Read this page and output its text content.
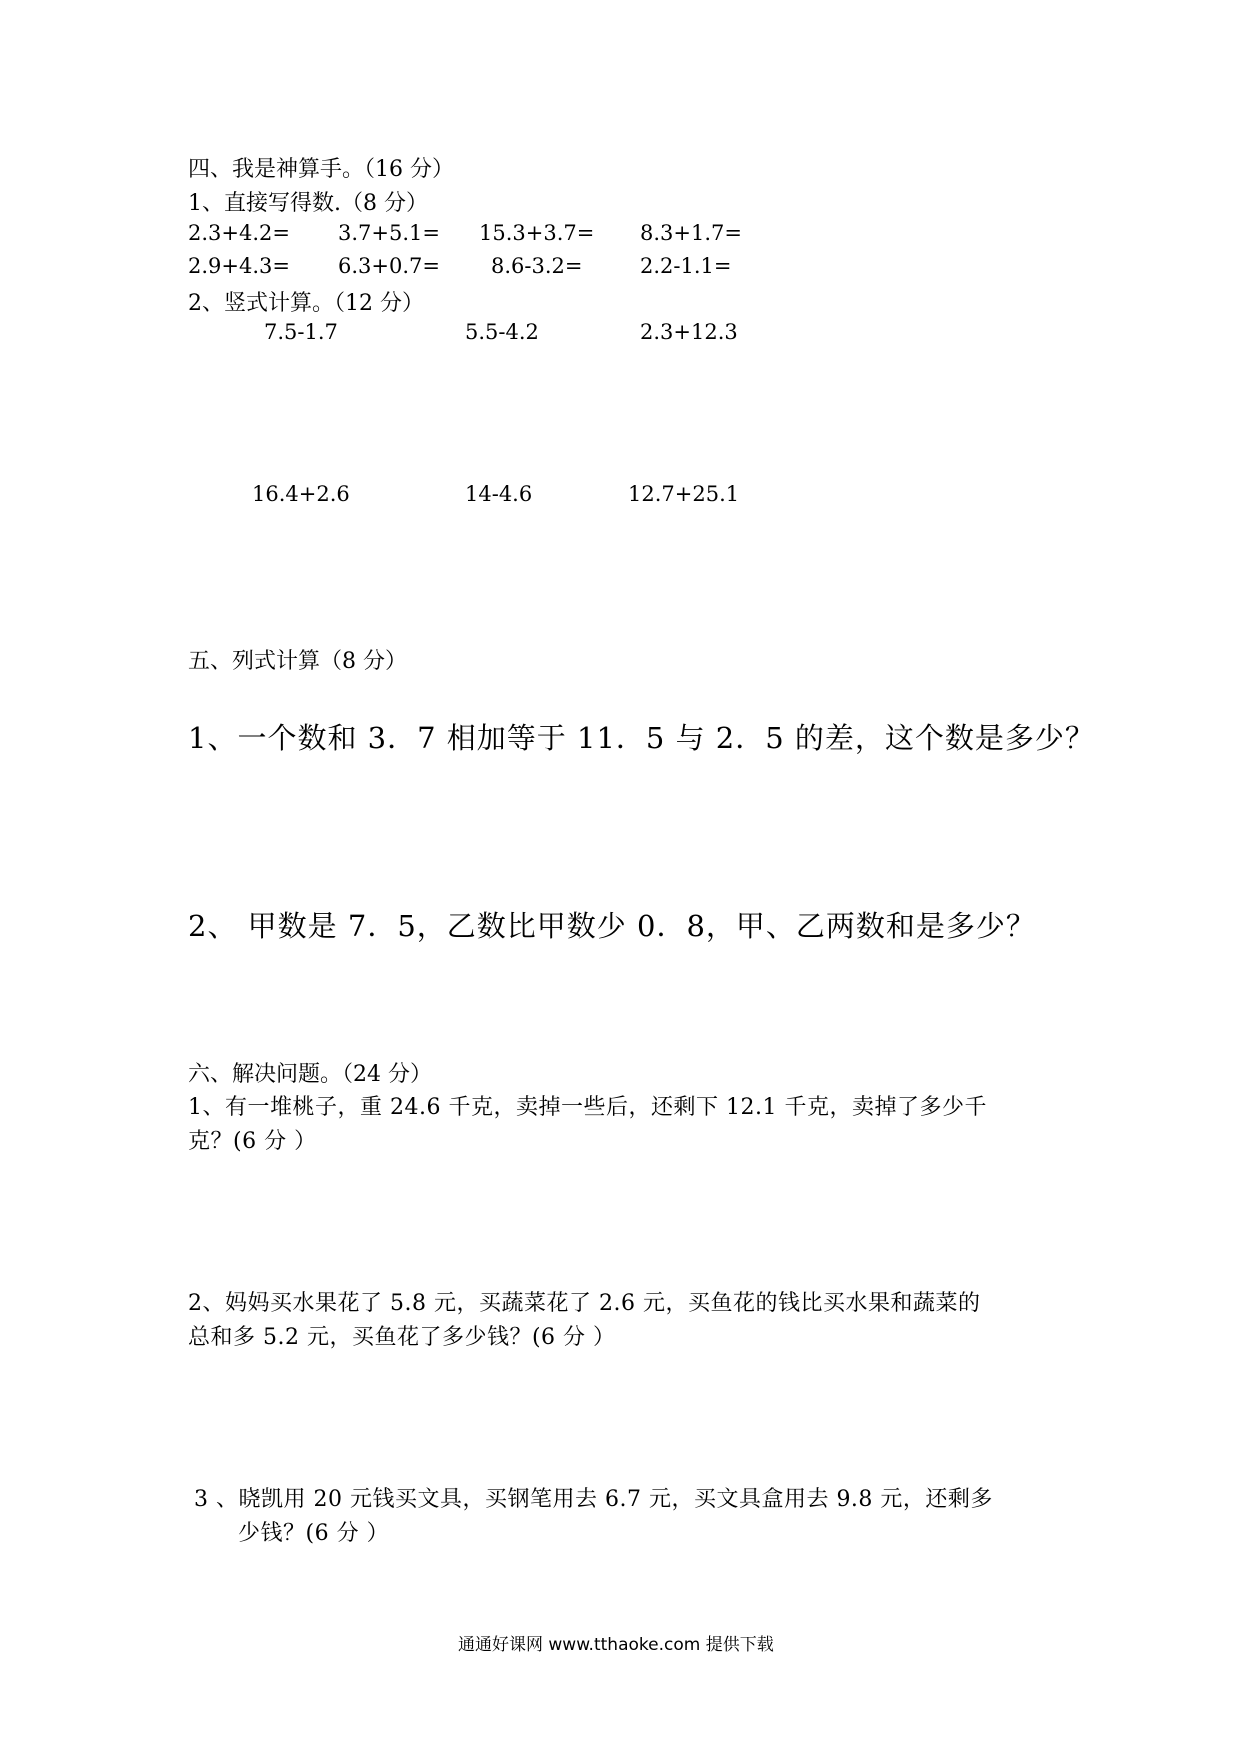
四、我是神算手。（16 分）
1、直接写得数.（8 分）
2.3+4.2= 3.7+5.1= 15.3+3.7= 8.3+1.7=
2.9+4.3= 6.3+0.7= 8.6-3.2=	2.2-1.1=
2、竖式计算。（12 分）
7.5-1.7	5.5-4.2	2.3+12.3
16.4+2.6	14-4.6	12.7+25.1
五、列式计算（8 分）
1、一个数和 3．7 相加等于 11．5 与 2．5 的差，这个数是多少？
2、 甲数是 7．5，乙数比甲数少 0．8，甲、乙两数和是多少？
六、解决问题。（24 分）
1、有一堆桃子，重 24.6 千克，卖掉一些后，还剩下 12.1 千克，卖掉了多少千
克？(6 分 ）
2、妈妈买水果花了 5.8 元，买蔬菜花了 2.6 元，买鱼花的钱比买水果和蔬菜的
总和多 5.2 元，买鱼花了多少钱？(6 分 ）
3 、晓凯用 20 元钱买文具，买钢笔用去 6.7 元，买文具盒用去 9.8 元，还剩多
少钱？(6 分 ）
通通好课网 www.tthaoke.com 提供下载
